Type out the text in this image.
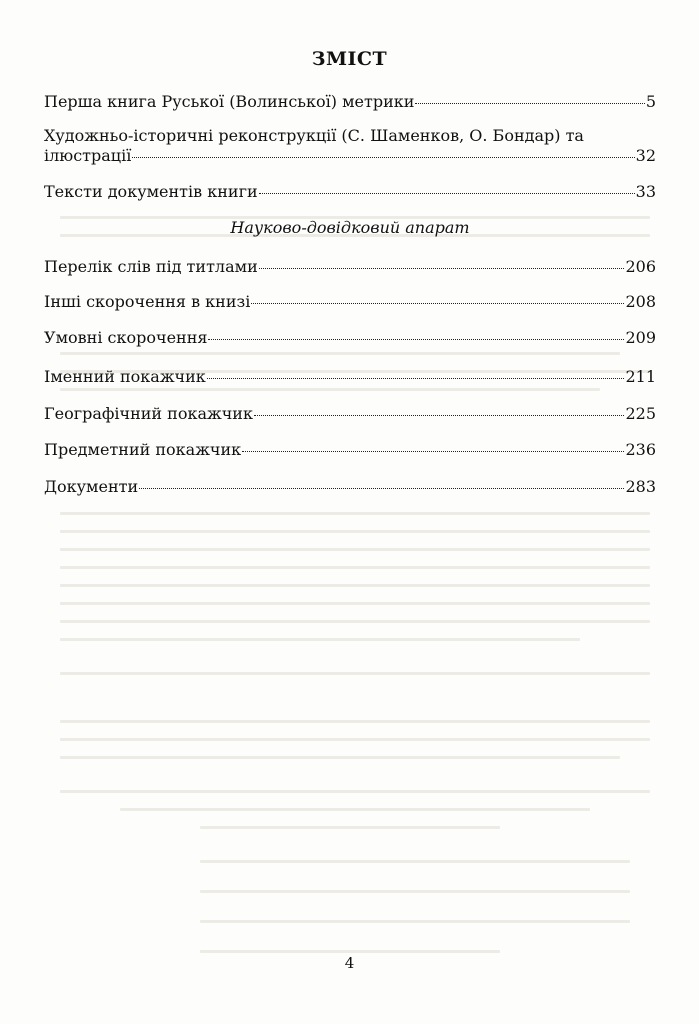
ЗМІСТ
Перша книга Руської (Волинської) метрики	5
Художньо-історичні реконструкції (С. Шаменков, О. Бондар) та
ілюстрації	32
Тексти документів книги	33
Науково-довідковий апарат
Перелік слів під титлами	206
Інші скорочення в книзі	208
Умовні скорочення	209
Іменний покажчик	211
Географічний покажчик	225
Предметний покажчик	236
Документи	283
4
